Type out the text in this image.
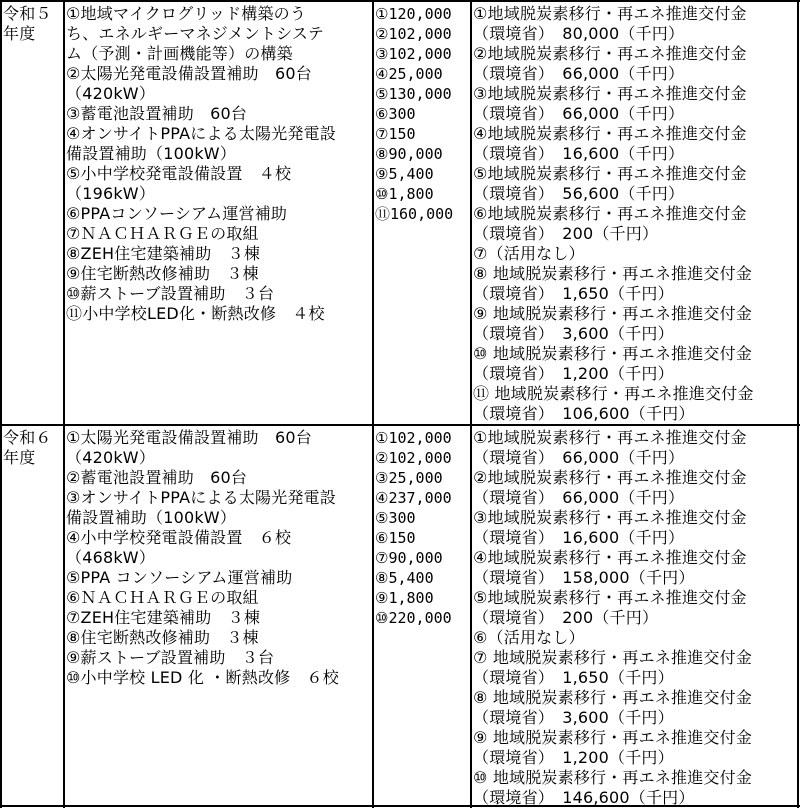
令和５
年度
①地域マイクログリッド構築のう
ち、エネルギーマネジメントシステ
ム（予測・計画機能等）の構築
②太陽光発電設備設置補助　60台
（420kW）
③蓄電池設置補助　60台
④オンサイトPPAによる太陽光発電設
備設置補助（100kW）
⑤小中学校発電設備設置　４校
（196kW）
⑥PPAコンソーシアム運営補助
⑦ＮＡＣＨＡＲＧＥの取組
⑧ZEH住宅建築補助　３棟
⑨住宅断熱改修補助　３棟
⑩薪ストーブ設置補助　３台
⑪小中学校LED化・断熱改修　４校
①120,000
②102,000
③102,000
④25,000
⑤130,000
⑥300
⑦150
⑧90,000
⑨5,400
⑩1,800
⑪160,000
①地域脱炭素移行・再エネ推進交付金
（環境省）　80,000（千円）
②地域脱炭素移行・再エネ推進交付金
（環境省）　66,000（千円）
③地域脱炭素移行・再エネ推進交付金
（環境省）　66,000（千円）
④地域脱炭素移行・再エネ推進交付金
（環境省）　16,600（千円）
⑤地域脱炭素移行・再エネ推進交付金
（環境省）　56,600（千円）
⑥地域脱炭素移行・再エネ推進交付金
（環境省）　200（千円）
⑦（活用なし）
⑧ 地域脱炭素移行・再エネ推進交付金
（環境省）　1,650（千円）
⑨ 地域脱炭素移行・再エネ推進交付金
（環境省）　3,600（千円）
⑩ 地域脱炭素移行・再エネ推進交付金
（環境省）　1,200（千円）
⑪ 地域脱炭素移行・再エネ推進交付金
（環境省）　106,600（千円）
令和６
年度
①太陽光発電設備設置補助　60台
（420kW）
②蓄電池設置補助　60台
③オンサイトPPAによる太陽光発電設
備設置補助（100kW）
④小中学校発電設備設置　６校
（468kW）
⑤PPA コンソーシアム運営補助
⑥ＮＡＣＨＡＲＧＥの取組
⑦ZEH住宅建築補助　３棟
⑧住宅断熱改修補助　３棟
⑨薪ストーブ設置補助　３台
⑩小中学校 LED 化 ・断熱改修　６校
①102,000
②102,000
③25,000
④237,000
⑤300
⑥150
⑦90,000
⑧5,400
⑨1,800
⑩220,000
①地域脱炭素移行・再エネ推進交付金
（環境省）　66,000（千円）
②地域脱炭素移行・再エネ推進交付金
（環境省）　66,000（千円）
③地域脱炭素移行・再エネ推進交付金
（環境省）　16,600（千円）
④地域脱炭素移行・再エネ推進交付金
（環境省）　158,000（千円）
⑤地域脱炭素移行・再エネ推進交付金
（環境省）　200（千円）
⑥（活用なし）
⑦ 地域脱炭素移行・再エネ推進交付金
（環境省）　1,650（千円）
⑧ 地域脱炭素移行・再エネ推進交付金
（環境省）　3,600（千円）
⑨ 地域脱炭素移行・再エネ推進交付金
（環境省）　1,200（千円）
⑩ 地域脱炭素移行・再エネ推進交付金
（環境省）　146,600（千円）
